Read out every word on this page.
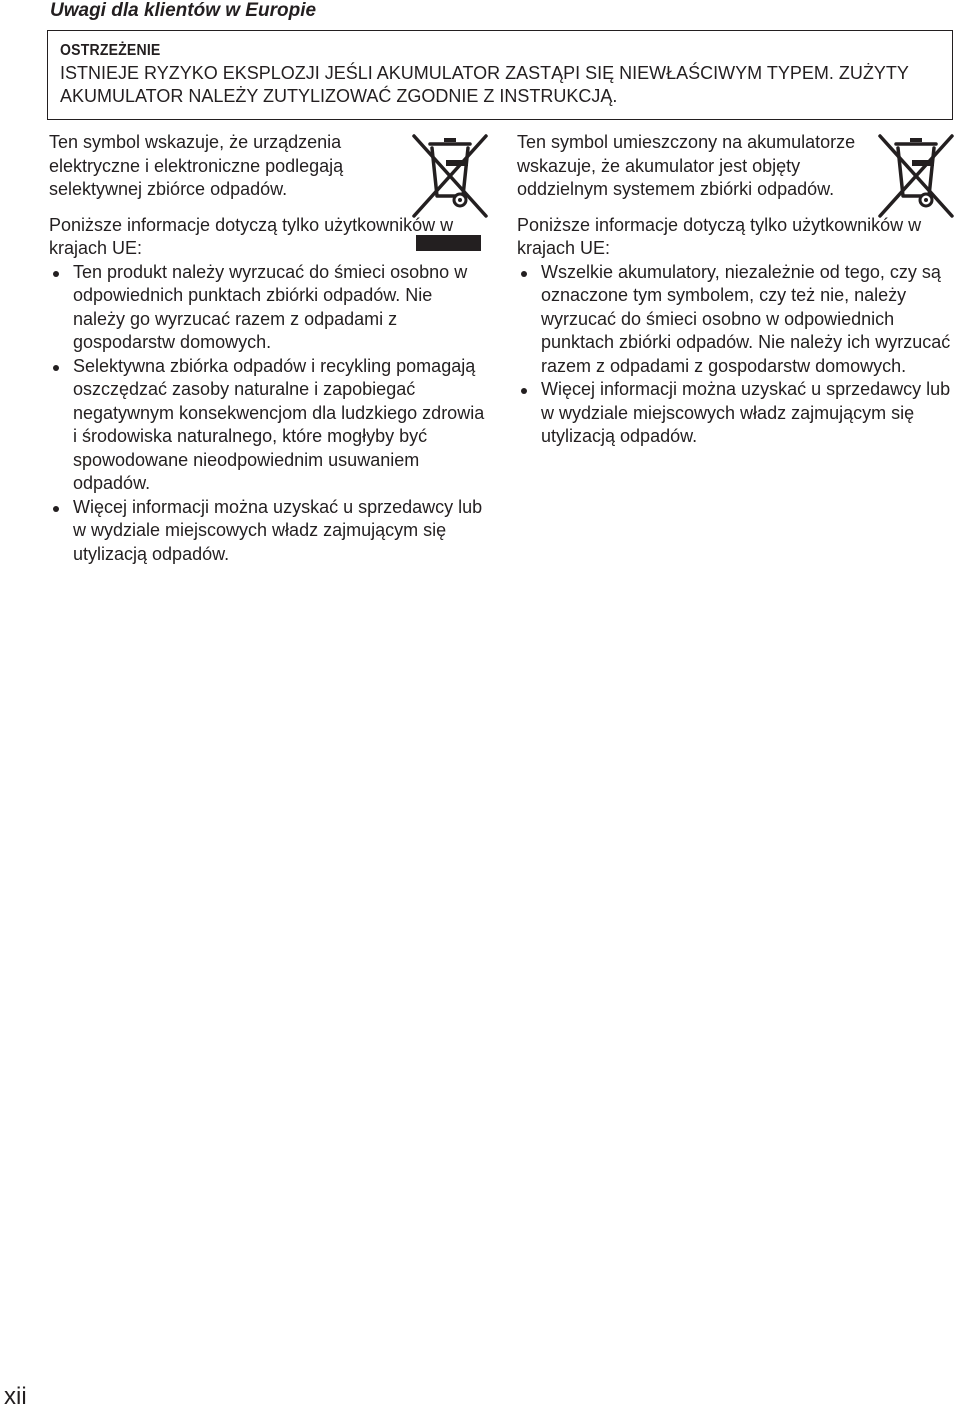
Uwagi dla klientów w Europie
OSTRZEŻENIE
ISTNIEJE RYZYKO EKSPLOZJI JEŚLI AKUMULATOR ZASTĄPI SIĘ NIEWŁAŚCIWYM TYPEM. ZUŻYTY AKUMULATOR NALEŻY ZUTYLIZOWAĆ ZGODNIE Z INSTRUKCJĄ.

Ten symbol wskazuje, że urządzenia elektryczne i elektroniczne podlegają selektywnej zbiórce odpadów.

Poniższe informacje dotyczą tylko użytkowników w krajach UE:

Ten produkt należy wyrzucać do śmieci osobno w odpowiednich punktach zbiórki odpadów. Nie należy go wyrzucać razem z odpadami z gospodarstw domowych.
Selektywna zbiórka odpadów i recykling pomagają oszczędzać zasoby naturalne i zapobiegać negatywnym konsekwencjom dla ludzkiego zdrowia i środowiska naturalnego, które mogłyby być spowodowane nieodpowiednim usuwaniem odpadów.
Więcej informacji można uzyskać u sprzedawcy lub w wydziale miejscowych władz zajmującym się utylizacją odpadów.

Ten symbol umieszczony na akumulatorze wskazuje, że akumulator jest objęty oddzielnym systemem zbiórki odpadów.

Poniższe informacje dotyczą tylko użytkowników w krajach UE:

Wszelkie akumulatory, niezależnie od tego, czy są oznaczone tym symbolem, czy też nie, należy wyrzucać do śmieci osobno w odpowiednich punktach zbiórki odpadów. Nie należy ich wyrzucać razem z odpadami z gospodarstw domowych.
Więcej informacji można uzyskać u sprzedawcy lub w wydziale miejscowych władz zajmującym się utylizacją odpadów.
xii
